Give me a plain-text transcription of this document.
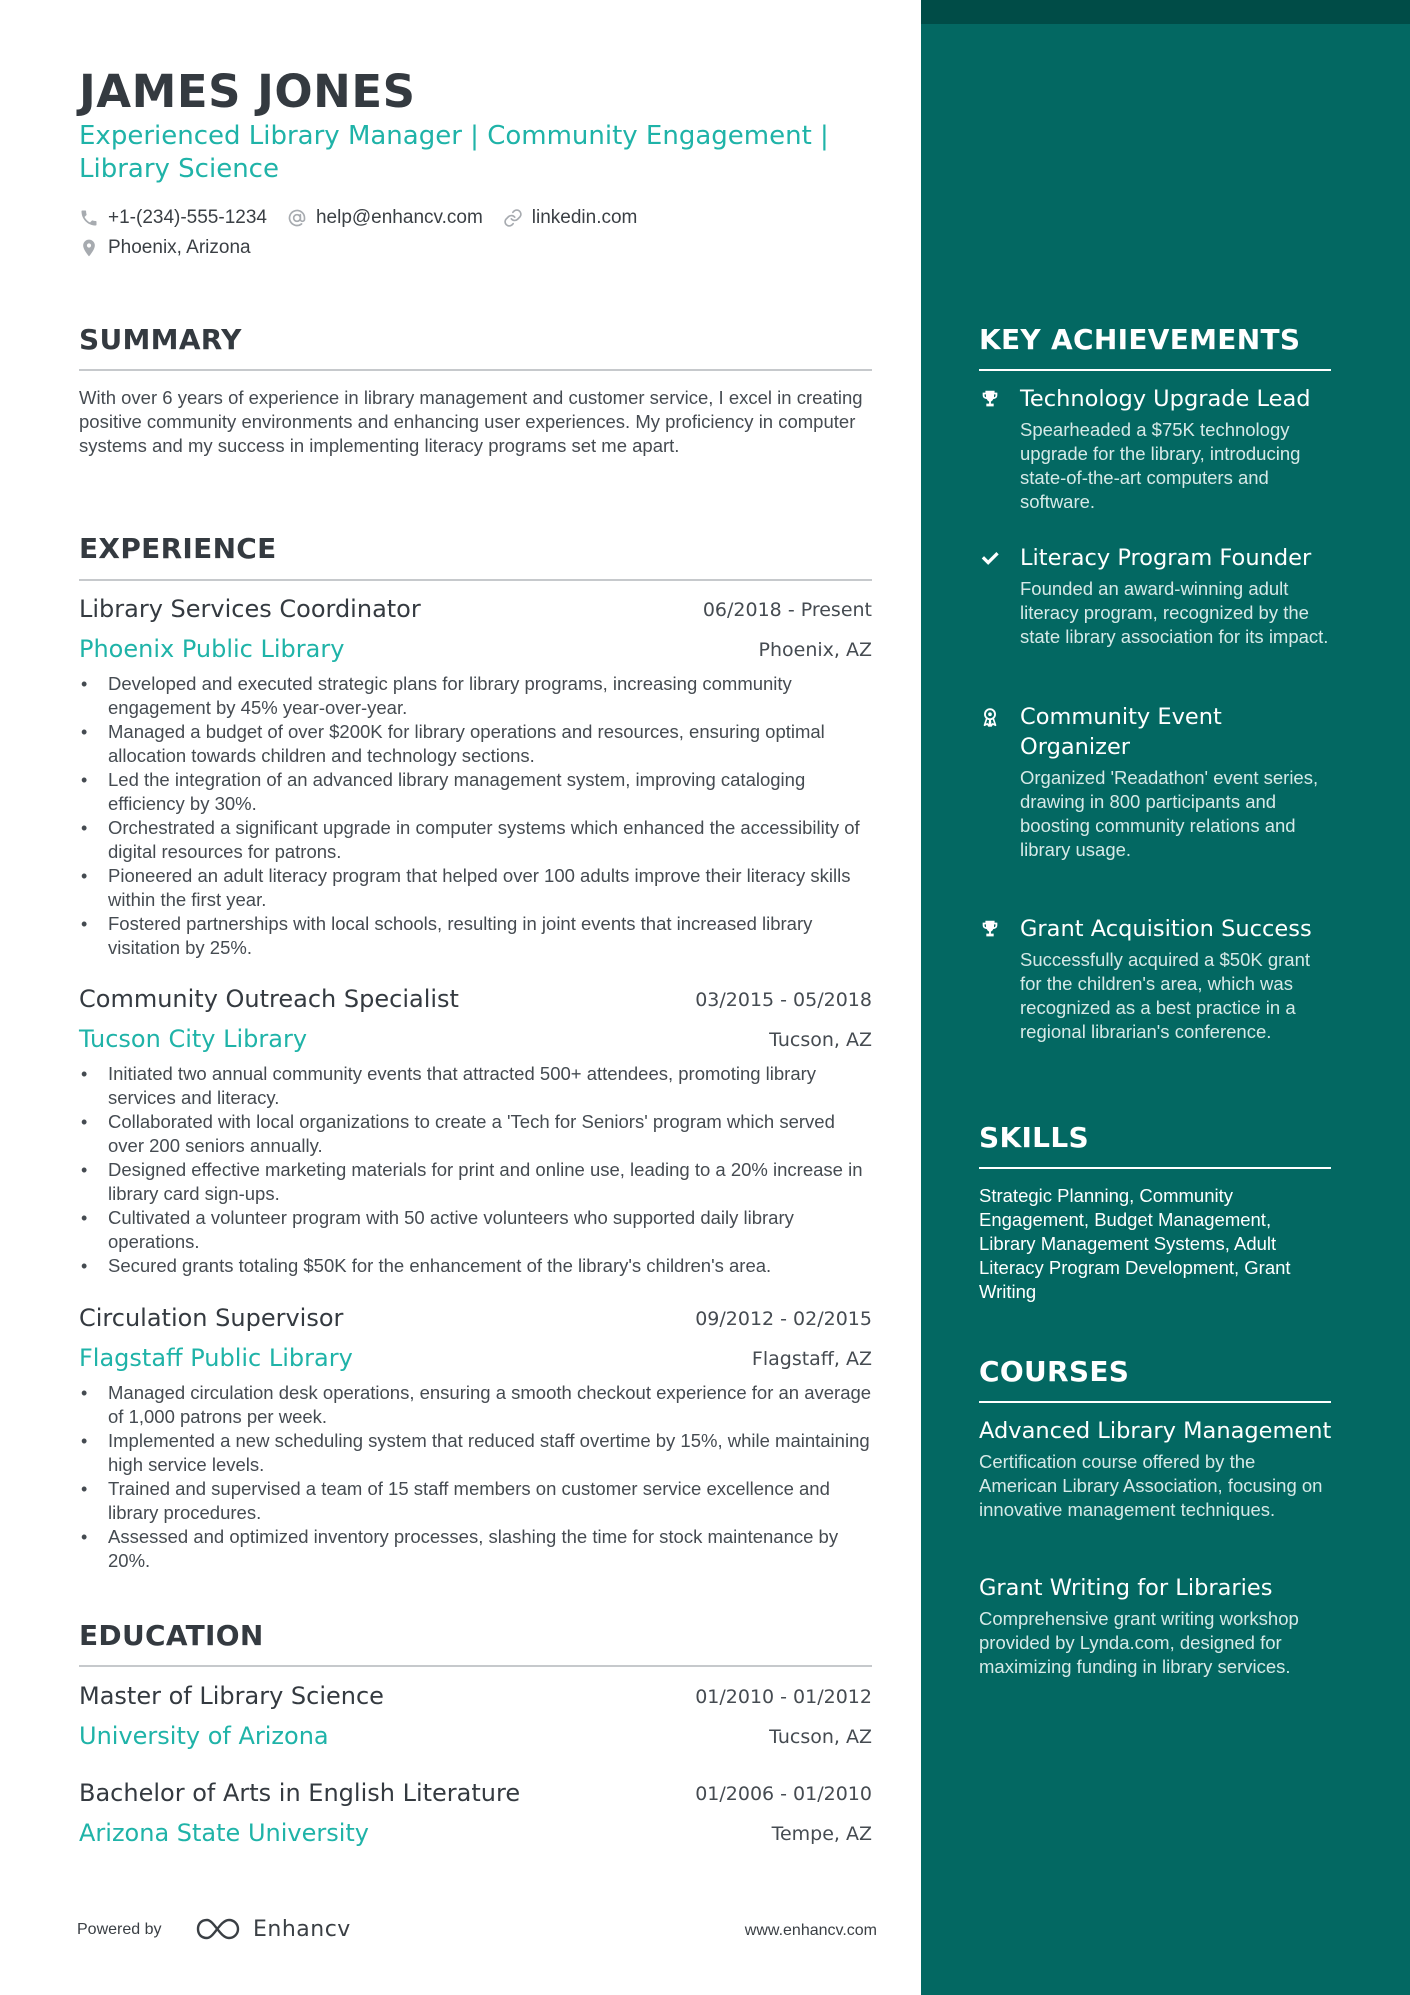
JAMES JONES

Experienced Library Manager | Community Engagement | Library Science

+1-(234)-555-1234	help@enhancv.com	linkedin.com
Phoenix, Arizona
SUMMARY

With over 6 years of experience in library management and customer service, I excel in creating positive community environments and enhancing user experiences. My proficiency in computer systems and my success in implementing literacy programs set me apart.

EXPERIENCE
Library Services Coordinator	06/2018 - Present
Phoenix Public Library	Phoenix, AZ
• Developed and executed strategic plans for library programs, increasing community engagement by 45% year-over-year.
• Managed a budget of over $200K for library operations and resources, ensuring optimal allocation towards children and technology sections.
• Led the integration of an advanced library management system, improving cataloging efficiency by 30%.
• Orchestrated a significant upgrade in computer systems which enhanced the accessibility of digital resources for patrons.
• Pioneered an adult literacy program that helped over 100 adults improve their literacy skills within the first year.
• Fostered partnerships with local schools, resulting in joint events that increased library visitation by 25%.
Community Outreach Specialist	03/2015 - 05/2018
Tucson City Library	Tucson, AZ
• Initiated two annual community events that attracted 500+ attendees, promoting library services and literacy.
• Collaborated with local organizations to create a 'Tech for Seniors' program which served over 200 seniors annually.
• Designed effective marketing materials for print and online use, leading to a 20% increase in library card sign-ups.
• Cultivated a volunteer program with 50 active volunteers who supported daily library operations.
• Secured grants totaling $50K for the enhancement of the library's children's area.
Circulation Supervisor	09/2012 - 02/2015
Flagstaff Public Library	Flagstaff, AZ
• Managed circulation desk operations, ensuring a smooth checkout experience for an average of 1,000 patrons per week.
• Implemented a new scheduling system that reduced staff overtime by 15%, while maintaining high service levels.
• Trained and supervised a team of 15 staff members on customer service excellence and library procedures.
• Assessed and optimized inventory processes, slashing the time for stock maintenance by 20%.
EDUCATION
Master of Library Science	01/2010 - 01/2012
University of Arizona	Tucson, AZ
Bachelor of Arts in English Literature	01/2006 - 01/2010
Arizona State University	Tempe, AZ
Powered by	Enhancv	www.enhancv.com
KEY ACHIEVEMENTS

Technology Upgrade Lead

Spearheaded a $75K technology upgrade for the library, introducing state-of-the-art computers and software.

Literacy Program Founder

Founded an award-winning adult literacy program, recognized by the state library association for its impact.

Community Event Organizer

Organized 'Readathon' event series, drawing in 800 participants and boosting community relations and library usage.

Grant Acquisition Success

Successfully acquired a $50K grant for the children's area, which was recognized as a best practice in a regional librarian's conference.

SKILLS

Strategic Planning, Community Engagement, Budget Management, Library Management Systems, Adult Literacy Program Development, Grant Writing

COURSES

Advanced Library Management

Certification course offered by the American Library Association, focusing on innovative management techniques.

Grant Writing for Libraries

Comprehensive grant writing workshop provided by Lynda.com, designed for maximizing funding in library services.
